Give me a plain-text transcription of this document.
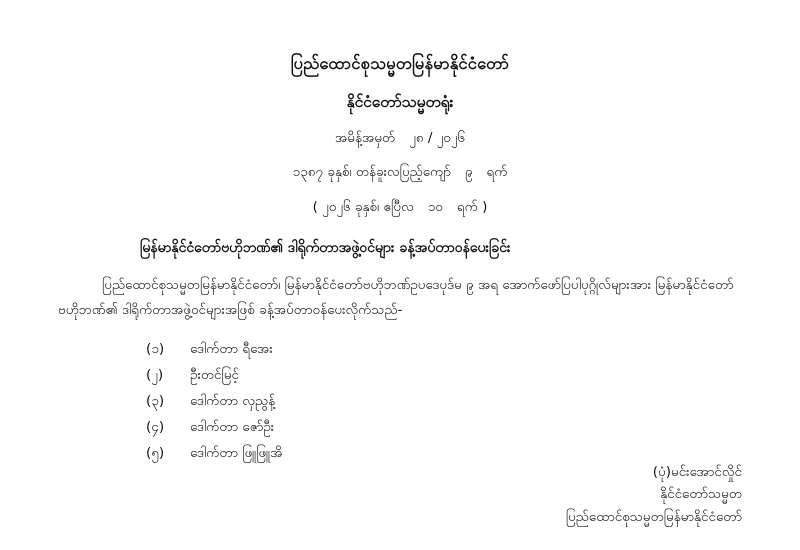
ပြည်ထောင်စုသမ္မတမြန်မာနိုင်ငံတော်
နိုင်ငံတော်သမ္မတရုံး
အမိန့်အမှတ် ၂၈ / ၂၀၂၆
၁၃၈၇ ခုနှစ်၊ တန်ခူးလပြည့်ကျော် ၉ ရက်
( ၂၀၂၆ ခုနှစ်၊ ဧပြီလ ၁၀ ရက် )
မြန်မာနိုင်ငံတော်ဗဟိုဘဏ်၏ ဒါရိုက်တာအဖွဲ့ဝင်များ ခန့်အပ်တာဝန်ပေးခြင်း
ပြည်ထောင်စုသမ္မတမြန်မာနိုင်ငံတော်၊ မြန်မာနိုင်ငံတော်ဗဟိုဘဏ်ဥပဒေပုဒ်မ ၉ အရ အောက်ဖော်ပြပါပုဂ္ဂိုလ်များအား မြန်မာနိုင်ငံတော်ဗဟိုဘဏ်၏ ဒါရိုက်တာအဖွဲ့ဝင်များအဖြစ် ခန့်အပ်တာဝန်ပေးလိုက်သည်-
(၁)	ဒေါက်တာ ရီအေး
(၂)	ဦးတင်မြင့်
(၃)	ဒေါက်တာ လှညွန့်
(၄)	ဒေါက်တာ ဇော်ဦး
(၅)	ဒေါက်တာ ဖြူဖြူအိ
(ပုံ)မင်းအောင်လှိုင်
နိုင်ငံတော်သမ္မတ
ပြည်ထောင်စုသမ္မတမြန်မာနိုင်ငံတော်
